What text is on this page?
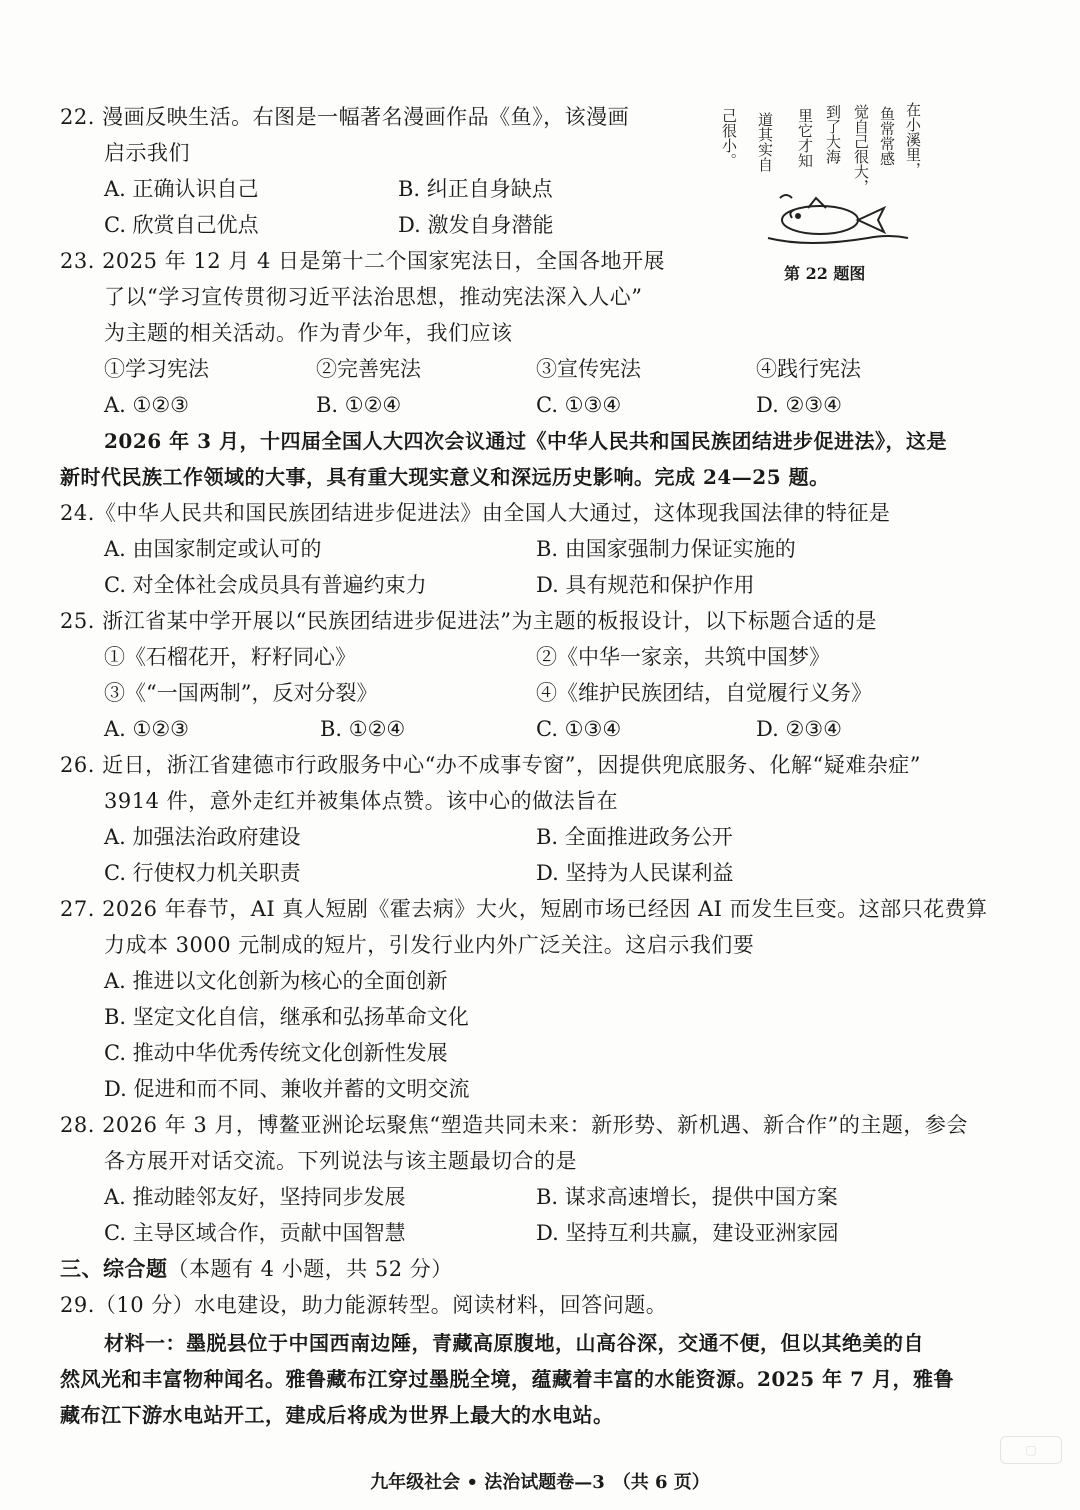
22. 漫画反映生活。右图是一幅著名漫画作品《鱼》，该漫画
启示我们
A. 正确认识自己	B. 纠正自身缺点
C. 欣赏自己优点	D. 激发自身潜能
在小溪里，
鱼常常感
觉自己很大，
到了大海
里它才知
道其实自
己很小。
第 22 题图
23. 2025 年 12 月 4 日是第十二个国家宪法日，全国各地开展
了以“学习宣传贯彻习近平法治思想，推动宪法深入人心”
为主题的相关活动。作为青少年，我们应该
①学习宪法	②完善宪法	③宣传宪法	④践行宪法
A. ①②③	B. ①②④	C. ①③④	D. ②③④
2026 年 3 月，十四届全国人大四次会议通过《中华人民共和国民族团结进步促进法》，这是
新时代民族工作领域的大事，具有重大现实意义和深远历史影响。完成 24—25 题。
24.《中华人民共和国民族团结进步促进法》由全国人大通过，这体现我国法律的特征是
A. 由国家制定或认可的	B. 由国家强制力保证实施的
C. 对全体社会成员具有普遍约束力	D. 具有规范和保护作用
25. 浙江省某中学开展以“民族团结进步促进法”为主题的板报设计，以下标题合适的是
①《石榴花开，籽籽同心》	②《中华一家亲，共筑中国梦》
③《“一国两制”，反对分裂》	④《维护民族团结，自觉履行义务》
A. ①②③	B. ①②④	C. ①③④	D. ②③④
26. 近日，浙江省建德市行政服务中心“办不成事专窗”，因提供兜底服务、化解“疑难杂症”
3914 件，意外走红并被集体点赞。该中心的做法旨在
A. 加强法治政府建设	B. 全面推进政务公开
C. 行使权力机关职责	D. 坚持为人民谋利益
27. 2026 年春节，AI 真人短剧《霍去病》大火，短剧市场已经因 AI 而发生巨变。这部只花费算
力成本 3000 元制成的短片，引发行业内外广泛关注。这启示我们要
A. 推进以文化创新为核心的全面创新
B. 坚定文化自信，继承和弘扬革命文化
C. 推动中华优秀传统文化创新性发展
D. 促进和而不同、兼收并蓄的文明交流
28. 2026 年 3 月，博鳌亚洲论坛聚焦“塑造共同未来：新形势、新机遇、新合作”的主题，参会
各方展开对话交流。下列说法与该主题最切合的是
A. 推动睦邻友好，坚持同步发展	B. 谋求高速增长，提供中国方案
C. 主导区域合作，贡献中国智慧	D. 坚持互利共赢，建设亚洲家园
三、综合题（本题有 4 小题，共 52 分）
29.（10 分）水电建设，助力能源转型。阅读材料，回答问题。
材料一：墨脱县位于中国西南边陲，青藏高原腹地，山高谷深，交通不便，但以其绝美的自
然风光和丰富物种闻名。雅鲁藏布江穿过墨脱全境，蕴藏着丰富的水能资源。2025 年 7 月，雅鲁
藏布江下游水电站开工，建成后将成为世界上最大的水电站。
▢
九年级社会 • 法治试题卷—3 （共 6 页）
